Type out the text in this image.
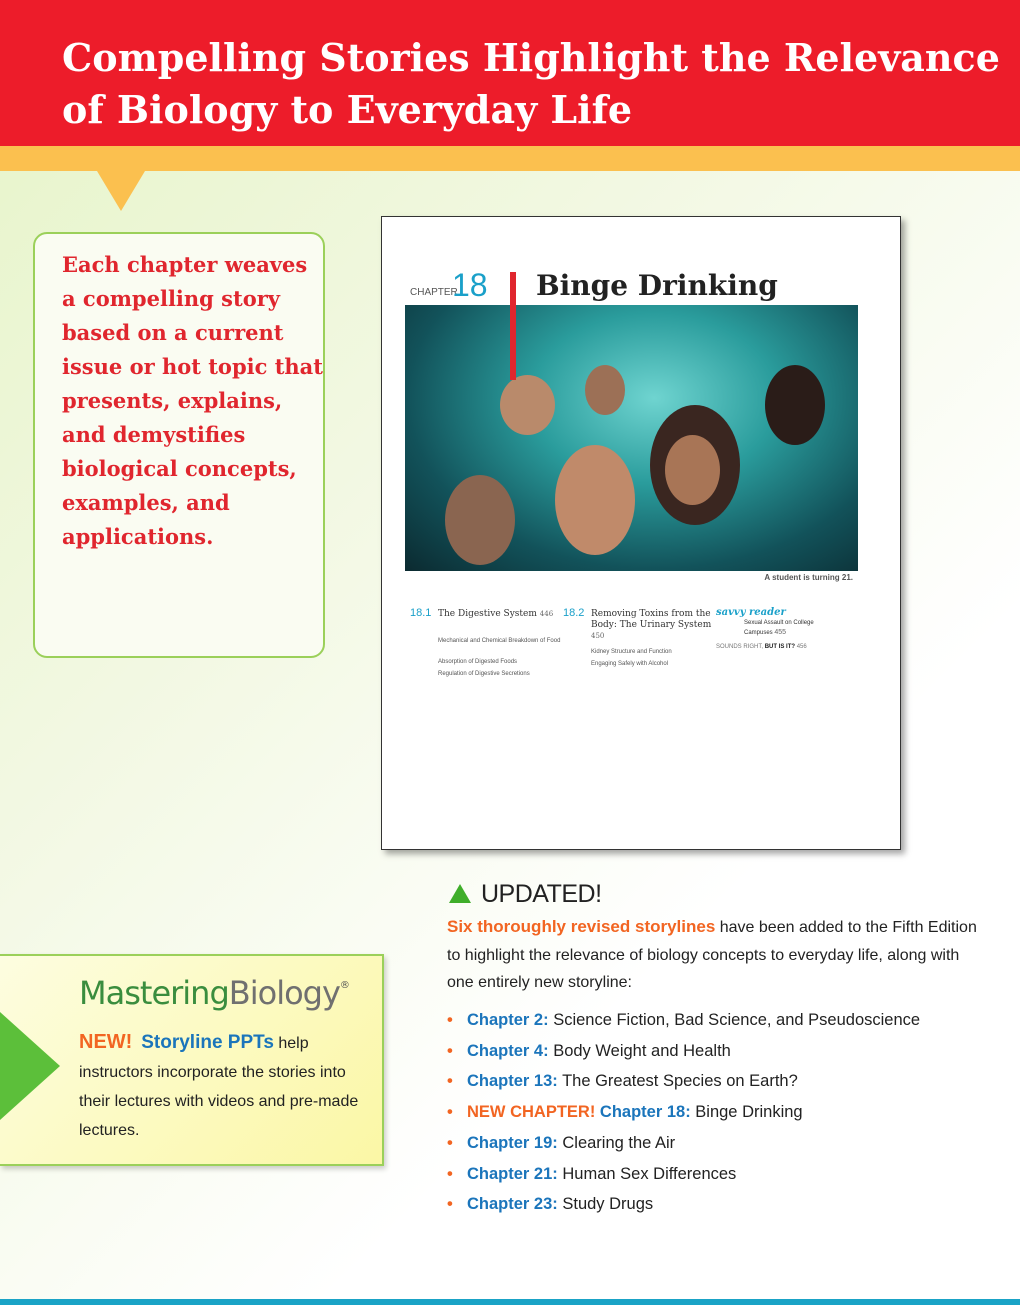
Compelling Stories Highlight the Relevance of Biology to Everyday Life
Each chapter weaves a compelling story based on a current issue or hot topic that presents, explains, and demystifies biological concepts, examples, and applications.
CHAPTER
18 Binge Drinking
A student is turning 21.
18.1 The Digestive System 446
Mechanical and Chemical Breakdown of Food
Absorption of Digested Foods
Regulation of Digestive Secretions
18.2 Removing Toxins from the Body: The Urinary System 450
Kidney Structure and Function
Engaging Safely with Alcohol
savvy reader
Sexual Assault on College Campuses 455
SOUNDS RIGHT, BUT IS IT? 456
UPDATED!
Six thoroughly revised storylines have been added to the Fifth Edition to highlight the relevance of biology concepts to everyday life, along with one entirely new storyline:
• Chapter 2: Science Fiction, Bad Science, and Pseudoscience
• Chapter 4: Body Weight and Health
• Chapter 13: The Greatest Species on Earth?
• NEW CHAPTER! Chapter 18: Binge Drinking
• Chapter 19: Clearing the Air
• Chapter 21: Human Sex Differences
• Chapter 23: Study Drugs
MasteringBiology®
NEW! Storyline PPTs help instructors incorporate the stories into their lectures with videos and pre-made lectures.
